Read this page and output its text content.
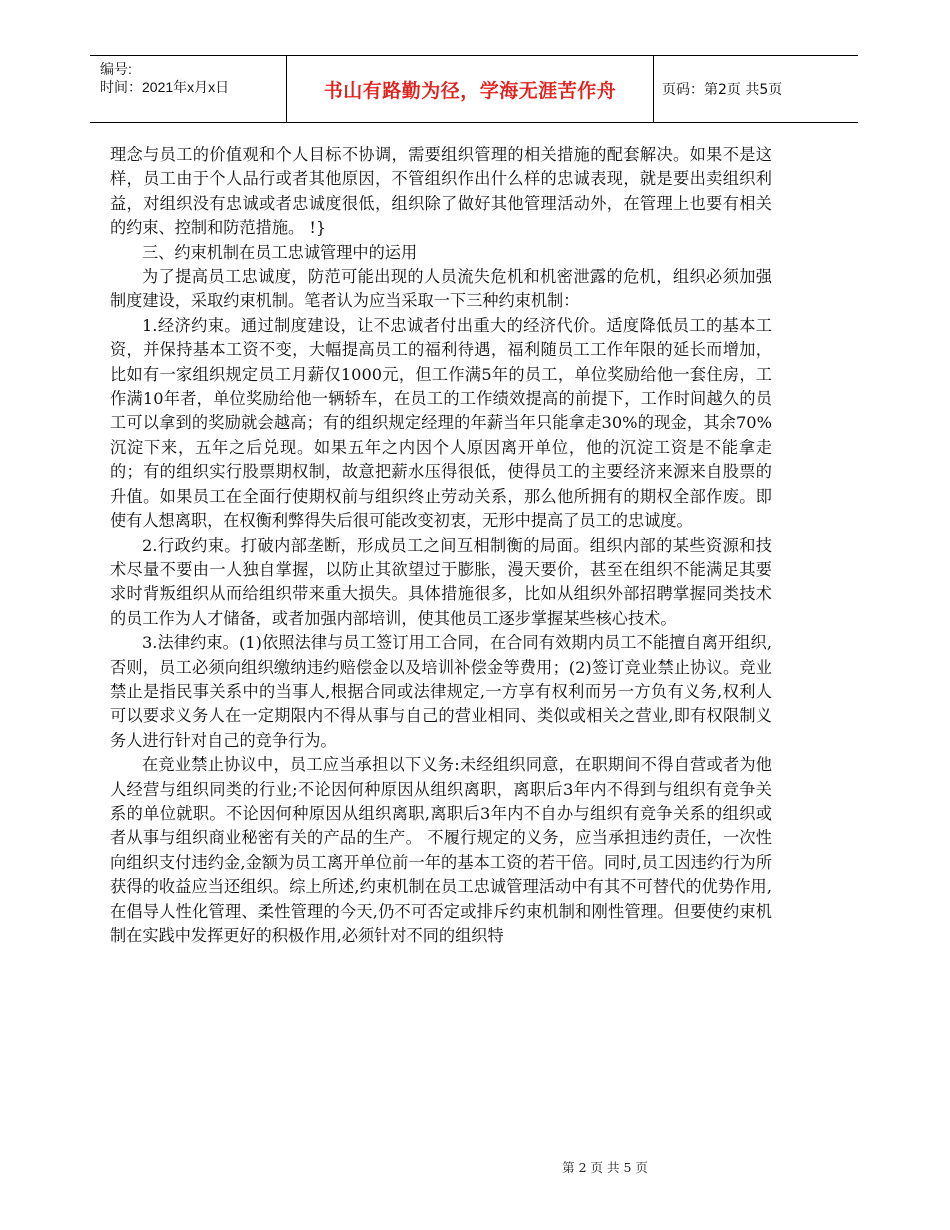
编号:
时间：2021年x月x日	书山有路勤为径，学海无涯苦作舟	页码：第2页 共5页

理念与员工的价值观和个人目标不协调，需要组织管理的相关措施的配套解决。如果不是这样，员工由于个人品行或者其他原因，不管组织作出什么样的忠诚表现，就是要出卖组织利益，对组织没有忠诚或者忠诚度很低，组织除了做好其他管理活动外，在管理上也要有相关的约束、控制和防范措施。 !}

三、约束机制在员工忠诚管理中的运用

为了提高员工忠诚度，防范可能出现的人员流失危机和机密泄露的危机，组织必须加强制度建设，采取约束机制。笔者认为应当采取一下三种约束机制：

1.经济约束。通过制度建设，让不忠诚者付出重大的经济代价。适度降低员工的基本工资，并保持基本工资不变，大幅提高员工的福利待遇，福利随员工工作年限的延长而增加，比如有一家组织规定员工月薪仅1000元，但工作满5年的员工，单位奖励给他一套住房，工作满10年者，单位奖励给他一辆轿车，在员工的工作绩效提高的前提下，工作时间越久的员工可以拿到的奖励就会越高；有的组织规定经理的年薪当年只能拿走30%的现金，其余70%沉淀下来，五年之后兑现。如果五年之内因个人原因离开单位，他的沉淀工资是不能拿走的；有的组织实行股票期权制，故意把薪水压得很低，使得员工的主要经济来源来自股票的升值。如果员工在全面行使期权前与组织终止劳动关系，那么他所拥有的期权全部作废。即使有人想离职，在权衡利弊得失后很可能改变初衷，无形中提高了员工的忠诚度。

2.行政约束。打破内部垄断，形成员工之间互相制衡的局面。组织内部的某些资源和技术尽量不要由一人独自掌握，以防止其欲望过于膨胀，漫天要价，甚至在组织不能满足其要求时背叛组织从而给组织带来重大损失。具体措施很多，比如从组织外部招聘掌握同类技术的员工作为人才储备，或者加强内部培训，使其他员工逐步掌握某些核心技术。

3.法律约束。(1)依照法律与员工签订用工合同，在合同有效期内员工不能擅自离开组织,否则，员工必须向组织缴纳违约赔偿金以及培训补偿金等费用；(2)签订竞业禁止协议。竞业禁止是指民事关系中的当事人,根据合同或法律规定,一方享有权利而另一方负有义务,权利人可以要求义务人在一定期限内不得从事与自己的营业相同、类似或相关之营业,即有权限制义务人进行针对自己的竞争行为。

在竞业禁止协议中，员工应当承担以下义务:未经组织同意，在职期间不得自营或者为他人经营与组织同类的行业;不论因何种原因从组织离职，离职后3年内不得到与组织有竞争关系的单位就职。不论因何种原因从组织离职,离职后3年内不自办与组织有竞争关系的组织或者从事与组织商业秘密有关的产品的生产。 不履行规定的义务，应当承担违约责任，一次性向组织支付违约金,金额为员工离开单位前一年的基本工资的若干倍。同时,员工因违约行为所获得的收益应当还组织。综上所述,约束机制在员工忠诚管理活动中有其不可替代的优势作用,在倡导人性化管理、柔性管理的今天,仍不可否定或排斥约束机制和刚性管理。但要使约束机制在实践中发挥更好的积极作用,必须针对不同的组织特

第 2 页 共 5 页
